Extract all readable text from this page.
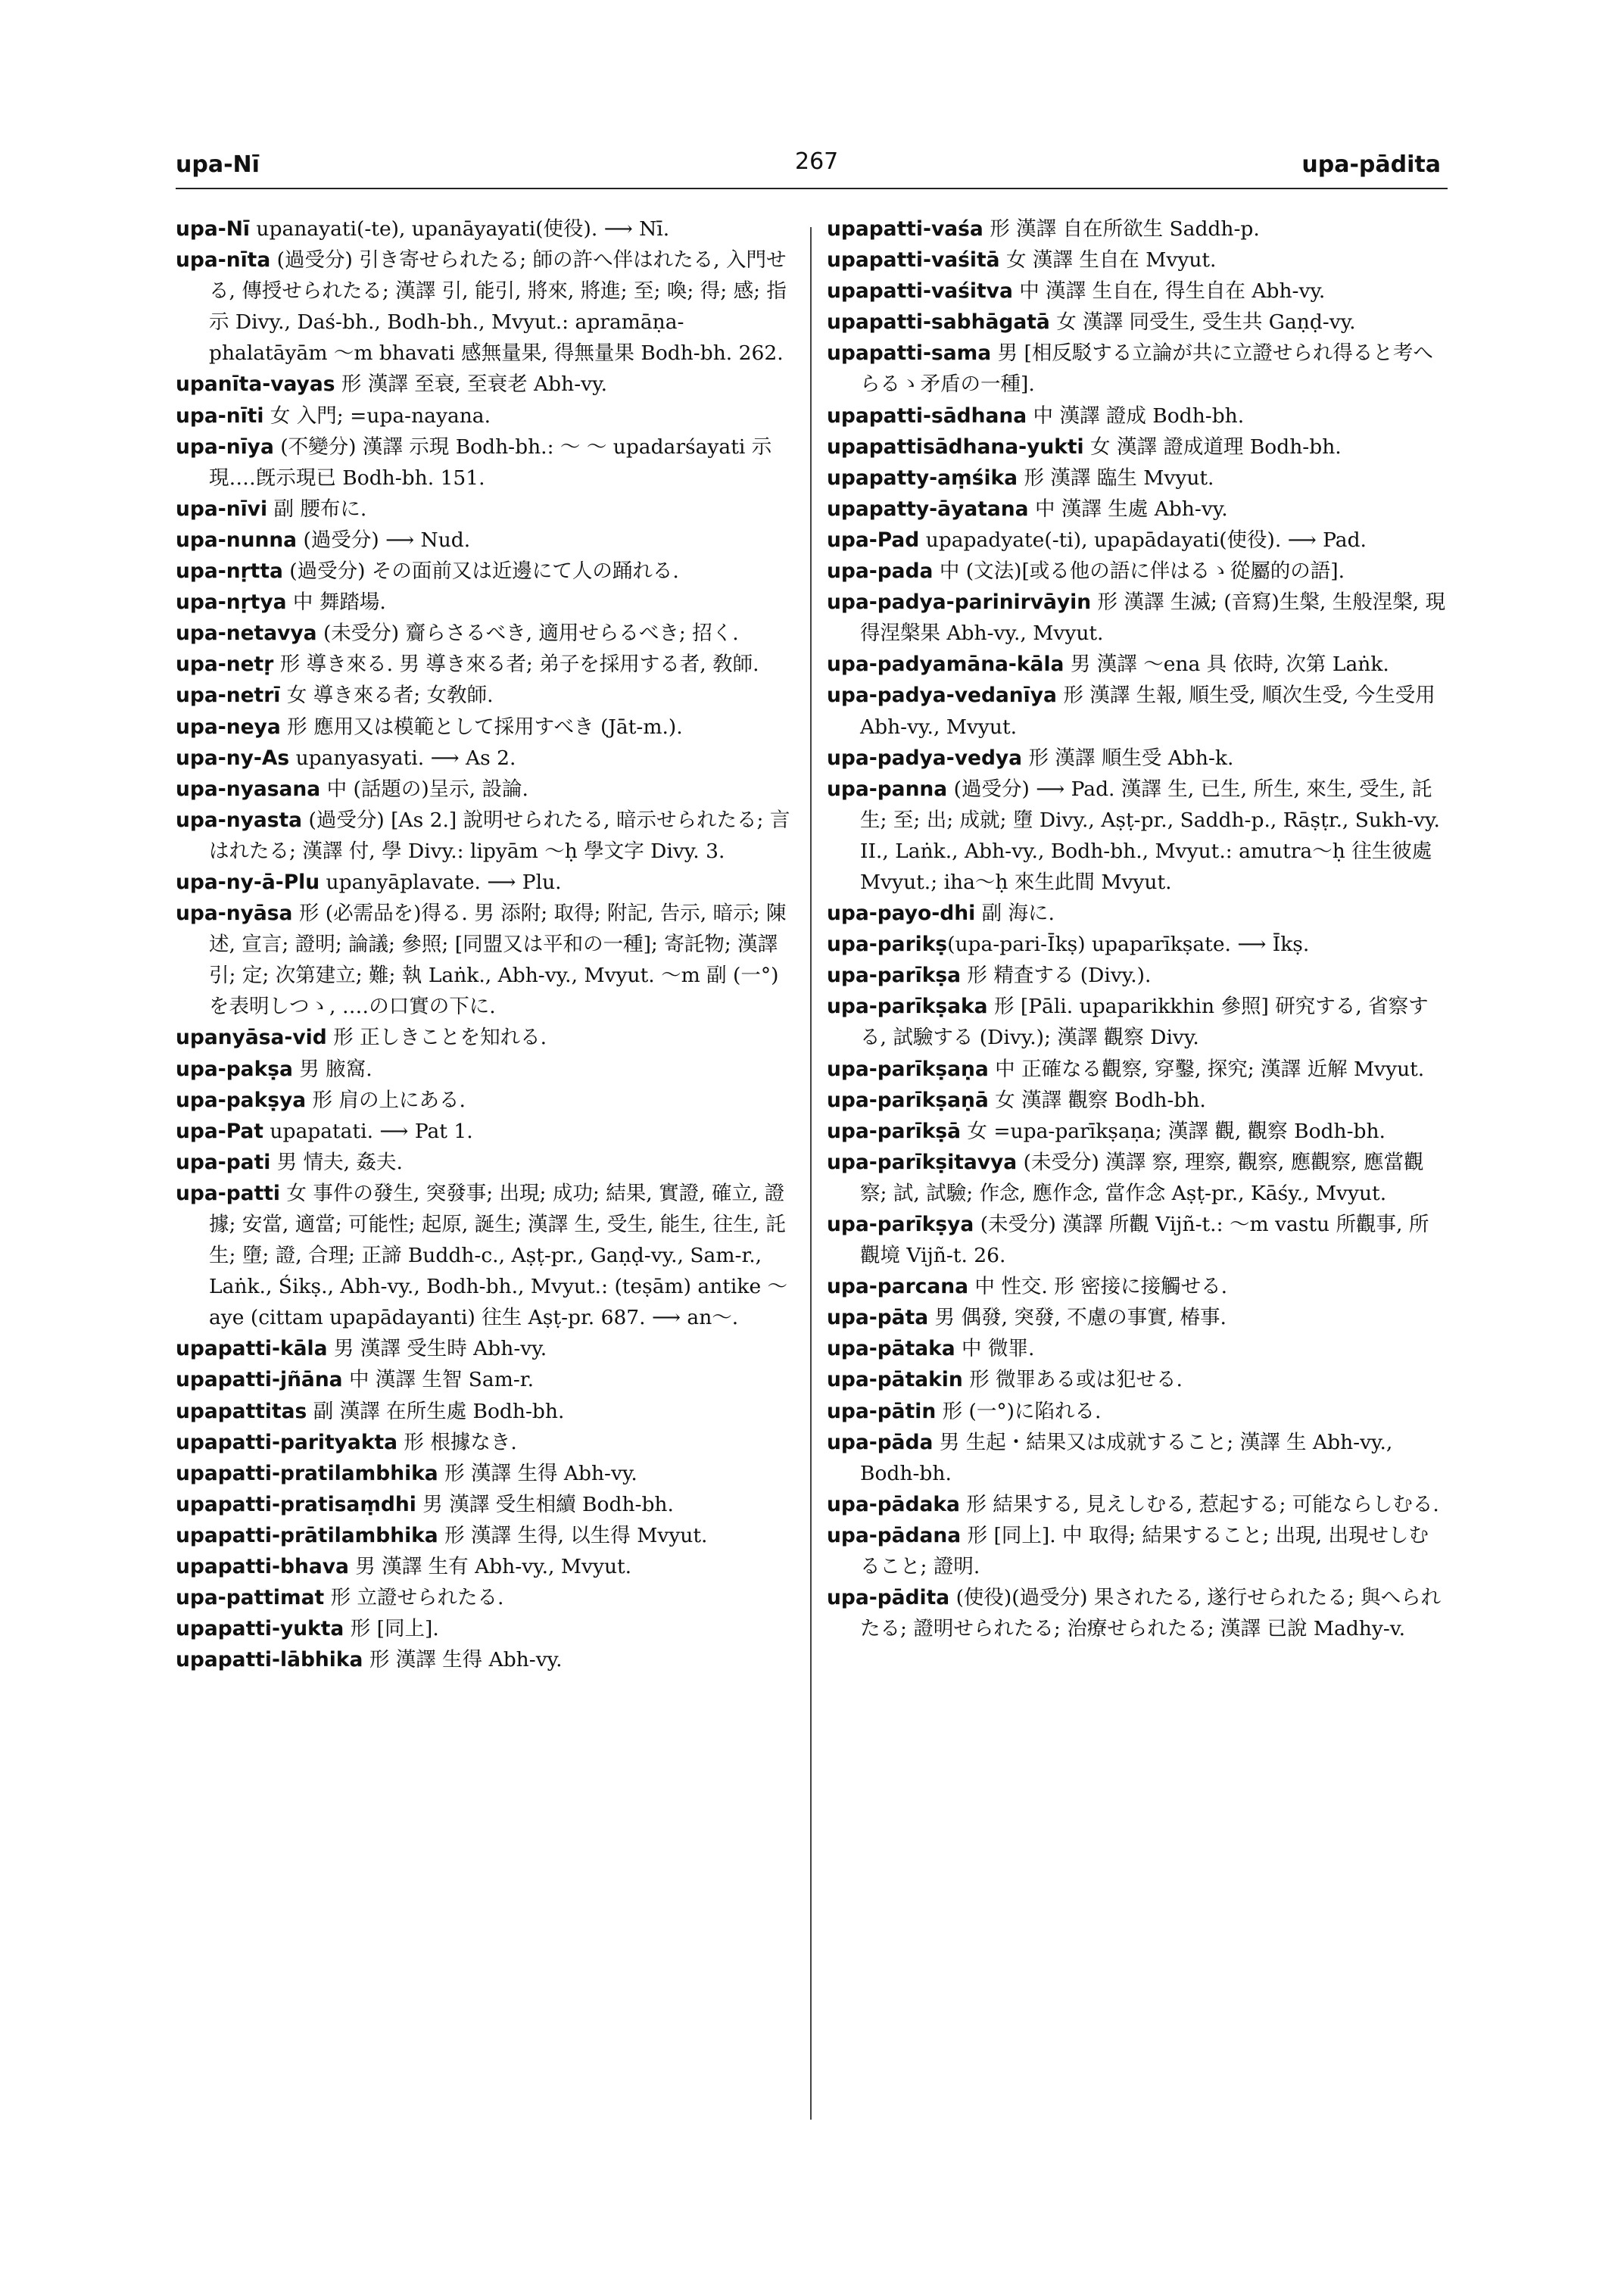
upa-Nī	267	upa-pādita

upa-Nī upanayati(-te), upanāyayati(使役). ⟶ Nī.

upa-nīta (過受分) 引き寄せられたる; 師の許へ伴はれたる, 入門せる, 傳授せられたる; 漢譯 引, 能引, 將來, 將進; 至; 喚; 得; 感; 指示 Divy., Daś-bh., Bodh-bh., Mvyut.: apramāṇa-phalatāyām ～m bhavati 感無量果, 得無量果 Bodh-bh. 262.

upanīta-vayas 形 漢譯 至衰, 至衰老 Abh-vy.

upa-nīti 女 入門; =upa-nayana.

upa-nīya (不變分) 漢譯 示現 Bodh-bh.: ～ ～ upadarśayati 示現‥‥旣示現已 Bodh-bh. 151.

upa-nīvi 副 腰布に.

upa-nunna (過受分) ⟶ Nud.

upa-nṛtta (過受分) その面前又は近邊にて人の踊れる.

upa-nṛtya 中 舞踏場.

upa-netavya (未受分) 齎らさるべき, 適用せらるべき; 招く.

upa-netṛ 形 導き來る. 男 導き來る者; 弟子を採用する者, 敎師.

upa-netrī 女 導き來る者; 女敎師.

upa-neya 形 應用又は模範として採用すべき (Jāt-m.).

upa-ny-As upanyasyati. ⟶ As 2.

upa-nyasana 中 (話題の)呈示, 設論.

upa-nyasta (過受分) [As 2.] 說明せられたる, 暗示せられたる; 言はれたる; 漢譯 付, 學 Divy.: lipyām ～ḥ 學文字 Divy. 3.

upa-ny-ā-Plu upanyāplavate. ⟶ Plu.

upa-nyāsa 形 (必需品を)得る. 男 添附; 取得; 附記, 告示, 暗示; 陳述, 宣言; 證明; 論議; 參照; [同盟又は平和の一種]; 寄託物; 漢譯 引; 定; 次第建立; 難; 執 Laṅk., Abh-vy., Mvyut. ～m 副 (一°)を表明しつゝ, ‥‥の口實の下に.

upanyāsa-vid 形 正しきことを知れる.

upa-pakṣa 男 腋窩.

upa-pakṣya 形 肩の上にある.

upa-Pat upapatati. ⟶ Pat 1.

upa-pati 男 情夫, 姦夫.

upa-patti 女 事件の發生, 突發事; 出現; 成功; 結果, 實證, 確立, 證據; 安當, 適當; 可能性; 起原, 誕生; 漢譯 生, 受生, 能生, 往生, 託生; 墮; 證, 合理; 正諦 Buddh-c., Aṣṭ-pr., Gaṇḍ-vy., Sam-r., Laṅk., Śikṣ., Abh-vy., Bodh-bh., Mvyut.: (teṣām) antike ～aye (cittam upapādayanti) 往生 Aṣṭ-pr. 687. ⟶ an～.

upapatti-kāla 男 漢譯 受生時 Abh-vy.

upapatti-jñāna 中 漢譯 生智 Sam-r.

upapattitas 副 漢譯 在所生處 Bodh-bh.

upapatti-parityakta 形 根據なき.

upapatti-pratilambhika 形 漢譯 生得 Abh-vy.

upapatti-pratisaṃdhi 男 漢譯 受生相續 Bodh-bh.

upapatti-prātilambhika 形 漢譯 生得, 以生得 Mvyut.

upapatti-bhava 男 漢譯 生有 Abh-vy., Mvyut.

upa-pattimat 形 立證せられたる.

upapatti-yukta 形 [同上].

upapatti-lābhika 形 漢譯 生得 Abh-vy.

upapatti-vaśa 形 漢譯 自在所欲生 Saddh-p.

upapatti-vaśitā 女 漢譯 生自在 Mvyut.

upapatti-vaśitva 中 漢譯 生自在, 得生自在 Abh-vy.

upapatti-sabhāgatā 女 漢譯 同受生, 受生共 Gaṇḍ-vy.

upapatti-sama 男 [相反駁する立論が共に立證せられ得ると考へらるゝ矛盾の一種].

upapatti-sādhana 中 漢譯 證成 Bodh-bh.

upapattisādhana-yukti 女 漢譯 證成道理 Bodh-bh.

upapatty-aṃśika 形 漢譯 臨生 Mvyut.

upapatty-āyatana 中 漢譯 生處 Abh-vy.

upa-Pad upapadyate(-ti), upapādayati(使役). ⟶ Pad.

upa-pada 中 (文法)[或る他の語に伴はるゝ從屬的の語].

upa-padya-parinirvāyin 形 漢譯 生滅; (音寫)生槃, 生般涅槃, 現得涅槃果 Abh-vy., Mvyut.

upa-padyamāna-kāla 男 漢譯 ～ena 具 依時, 次第 Laṅk.

upa-padya-vedanīya 形 漢譯 生報, 順生受, 順次生受, 今生受用 Abh-vy., Mvyut.

upa-padya-vedya 形 漢譯 順生受 Abh-k.

upa-panna (過受分) ⟶ Pad. 漢譯 生, 已生, 所生, 來生, 受生, 託生; 至; 出; 成就; 墮 Divy., Aṣṭ-pr., Saddh-p., Rāṣṭr., Sukh-vy. II., Laṅk., Abh-vy., Bodh-bh., Mvyut.: amutra～ḥ 往生彼處 Mvyut.; iha～ḥ 來生此間 Mvyut.

upa-payo-dhi 副 海に.

upa-parikṣ(upa-pari-Īkṣ) upaparīkṣate. ⟶ Īkṣ.

upa-parīkṣa 形 精査する (Divy.).

upa-parīkṣaka 形 [Pāli. upaparikkhin 參照] 研究する, 省察する, 試驗する (Divy.); 漢譯 觀察 Divy.

upa-parīkṣaṇa 中 正確なる觀察, 穿鑿, 探究; 漢譯 近解 Mvyut.

upa-parīkṣaṇā 女 漢譯 觀察 Bodh-bh.

upa-parīkṣā 女 =upa-parīkṣaṇa; 漢譯 觀, 觀察 Bodh-bh.

upa-parīkṣitavya (未受分) 漢譯 察, 理察, 觀察, 應觀察, 應當觀察; 試, 試驗; 作念, 應作念, 當作念 Aṣṭ-pr., Kāśy., Mvyut.

upa-parīkṣya (未受分) 漢譯 所觀 Vijñ-t.: ～m vastu 所觀事, 所觀境 Vijñ-t. 26.

upa-parcana 中 性交. 形 密接に接觸せる.

upa-pāta 男 偶發, 突發, 不慮の事實, 椿事.

upa-pātaka 中 微罪.

upa-pātakin 形 微罪ある或は犯せる.

upa-pātin 形 (一°)に陷れる.

upa-pāda 男 生起・結果又は成就すること; 漢譯 生 Abh-vy., Bodh-bh.

upa-pādaka 形 結果する, 見えしむる, 惹起する; 可能ならしむる.

upa-pādana 形 [同上]. 中 取得; 結果すること; 出現, 出現せしむること; 證明.

upa-pādita (使役)(過受分) 果されたる, 遂行せられたる; 與へられたる; 證明せられたる; 治療せられたる; 漢譯 已說 Madhy-v.
